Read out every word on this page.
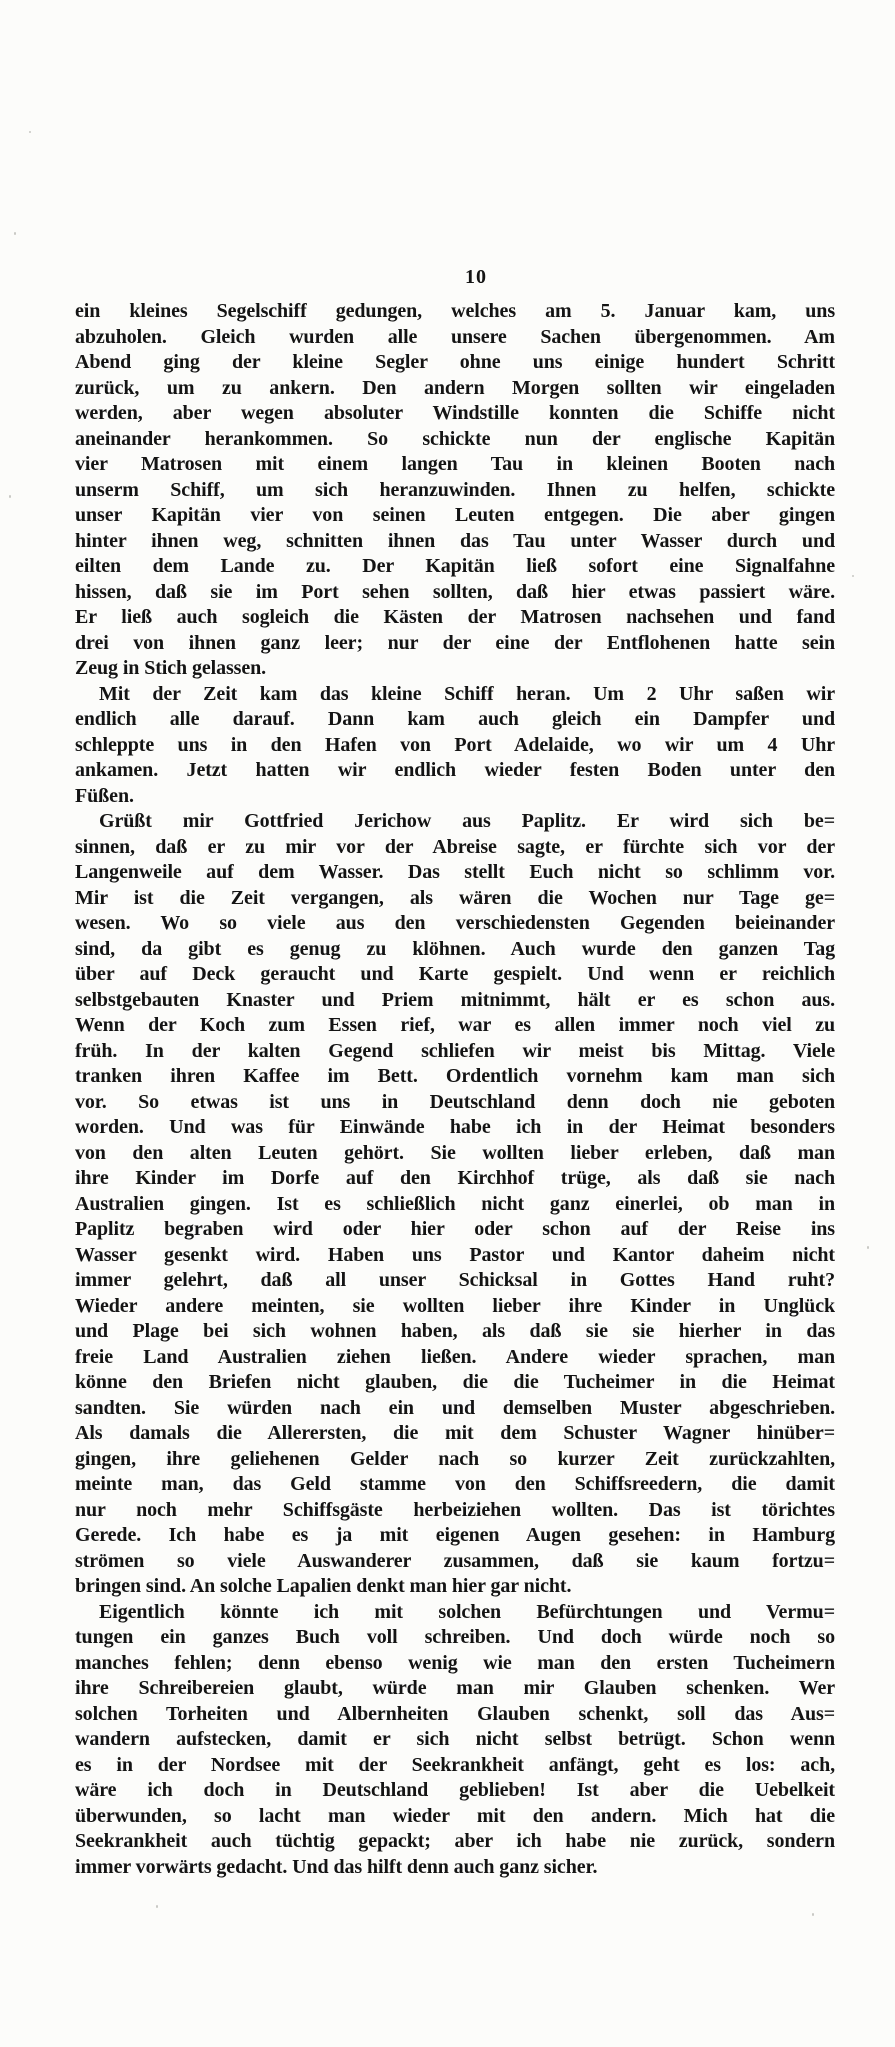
10
ein kleines Segelschiff gedungen, welches am 5. Januar kam, uns
abzuholen. Gleich wurden alle unsere Sachen übergenommen. Am
Abend ging der kleine Segler ohne uns einige hundert Schritt
zurück, um zu ankern. Den andern Morgen sollten wir eingeladen
werden, aber wegen absoluter Windstille konnten die Schiffe nicht
aneinander herankommen. So schickte nun der englische Kapitän
vier Matrosen mit einem langen Tau in kleinen Booten nach
unserm Schiff, um sich heranzuwinden. Ihnen zu helfen, schickte
unser Kapitän vier von seinen Leuten entgegen. Die aber gingen
hinter ihnen weg, schnitten ihnen das Tau unter Wasser durch und
eilten dem Lande zu. Der Kapitän ließ sofort eine Signalfahne
hissen, daß sie im Port sehen sollten, daß hier etwas passiert wäre.
Er ließ auch sogleich die Kästen der Matrosen nachsehen und fand
drei von ihnen ganz leer; nur der eine der Entflohenen hatte sein
Zeug in Stich gelassen.
Mit der Zeit kam das kleine Schiff heran. Um 2 Uhr saßen wir
endlich alle darauf. Dann kam auch gleich ein Dampfer und
schleppte uns in den Hafen von Port Adelaide, wo wir um 4 Uhr
ankamen. Jetzt hatten wir endlich wieder festen Boden unter den
Füßen.
Grüßt mir Gottfried Jerichow aus Paplitz. Er wird sich be=
sinnen, daß er zu mir vor der Abreise sagte, er fürchte sich vor der
Langenweile auf dem Wasser. Das stellt Euch nicht so schlimm vor.
Mir ist die Zeit vergangen, als wären die Wochen nur Tage ge=
wesen. Wo so viele aus den verschiedensten Gegenden beieinander
sind, da gibt es genug zu klöhnen. Auch wurde den ganzen Tag
über auf Deck geraucht und Karte gespielt. Und wenn er reichlich
selbstgebauten Knaster und Priem mitnimmt, hält er es schon aus.
Wenn der Koch zum Essen rief, war es allen immer noch viel zu
früh. In der kalten Gegend schliefen wir meist bis Mittag. Viele
tranken ihren Kaffee im Bett. Ordentlich vornehm kam man sich
vor. So etwas ist uns in Deutschland denn doch nie geboten
worden. Und was für Einwände habe ich in der Heimat besonders
von den alten Leuten gehört. Sie wollten lieber erleben, daß man
ihre Kinder im Dorfe auf den Kirchhof trüge, als daß sie nach
Australien gingen. Ist es schließlich nicht ganz einerlei, ob man in
Paplitz begraben wird oder hier oder schon auf der Reise ins
Wasser gesenkt wird. Haben uns Pastor und Kantor daheim nicht
immer gelehrt, daß all unser Schicksal in Gottes Hand ruht?
Wieder andere meinten, sie wollten lieber ihre Kinder in Unglück
und Plage bei sich wohnen haben, als daß sie sie hierher in das
freie Land Australien ziehen ließen. Andere wieder sprachen, man
könne den Briefen nicht glauben, die die Tucheimer in die Heimat
sandten. Sie würden nach ein und demselben Muster abgeschrieben.
Als damals die Allerersten, die mit dem Schuster Wagner hinüber=
gingen, ihre geliehenen Gelder nach so kurzer Zeit zurückzahlten,
meinte man, das Geld stamme von den Schiffsreedern, die damit
nur noch mehr Schiffsgäste herbeiziehen wollten. Das ist törichtes
Gerede. Ich habe es ja mit eigenen Augen gesehen: in Hamburg
strömen so viele Auswanderer zusammen, daß sie kaum fortzu=
bringen sind. An solche Lapalien denkt man hier gar nicht.
Eigentlich könnte ich mit solchen Befürchtungen und Vermu=
tungen ein ganzes Buch voll schreiben. Und doch würde noch so
manches fehlen; denn ebenso wenig wie man den ersten Tucheimern
ihre Schreibereien glaubt, würde man mir Glauben schenken. Wer
solchen Torheiten und Albernheiten Glauben schenkt, soll das Aus=
wandern aufstecken, damit er sich nicht selbst betrügt. Schon wenn
es in der Nordsee mit der Seekrankheit anfängt, geht es los: ach,
wäre ich doch in Deutschland geblieben! Ist aber die Uebelkeit
überwunden, so lacht man wieder mit den andern. Mich hat die
Seekrankheit auch tüchtig gepackt; aber ich habe nie zurück, sondern
immer vorwärts gedacht. Und das hilft denn auch ganz sicher.
